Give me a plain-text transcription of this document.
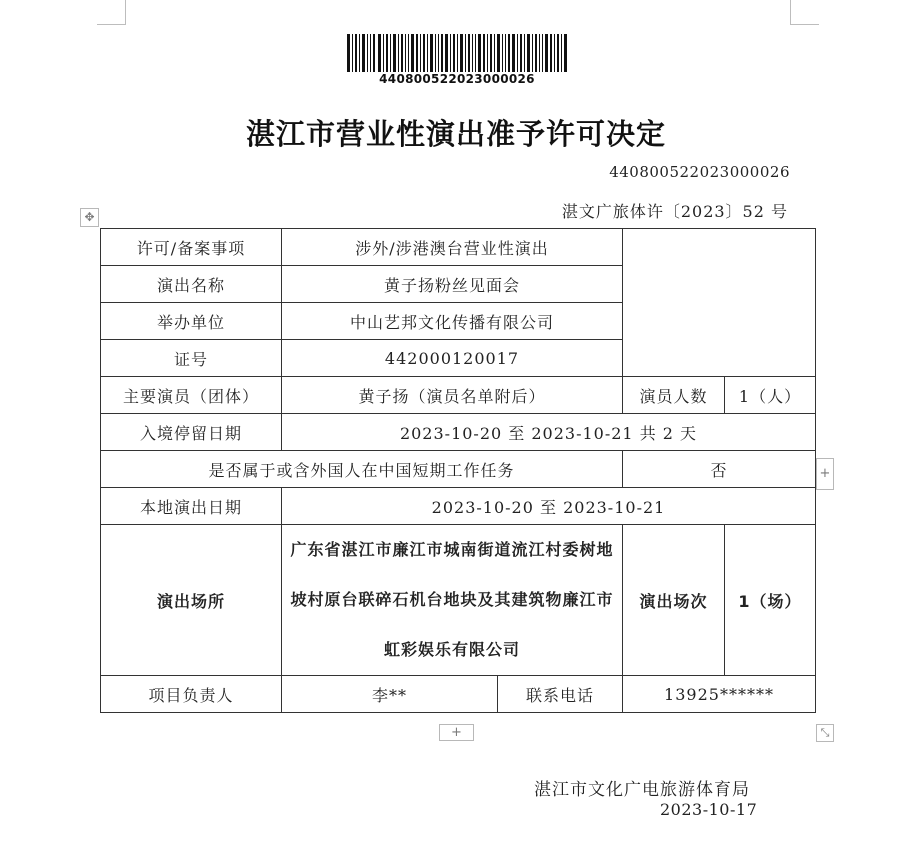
440800522023000026
湛江市营业性演出准予许可决定
440800522023000026
湛文广旅体许〔2023〕52 号
✥
许可/备案事项	涉外/涉港澳台营业性演出			
演出名称	黄子扬粉丝见面会			
举办单位	中山艺邦文化传播有限公司			
证号	442000120017			
主要演员（团体）	黄子扬（演员名单附后）		演员人数	1（人）
入境停留日期	2023-10-20 至 2023-10-21 共 2 天			
是否属于或含外国人在中国短期工作任务			否	
本地演出日期	2023-10-20 至 2023-10-21			
演出场所	广东省湛江市廉江市城南街道流江村委树地坡村原台联碎石机台地块及其建筑物廉江市虹彩娱乐有限公司		演出场次	1（场）
项目负责人	李**	联系电话	13925******	
+
+	⤡
湛江市文化广电旅游体育局
2023-10-17
